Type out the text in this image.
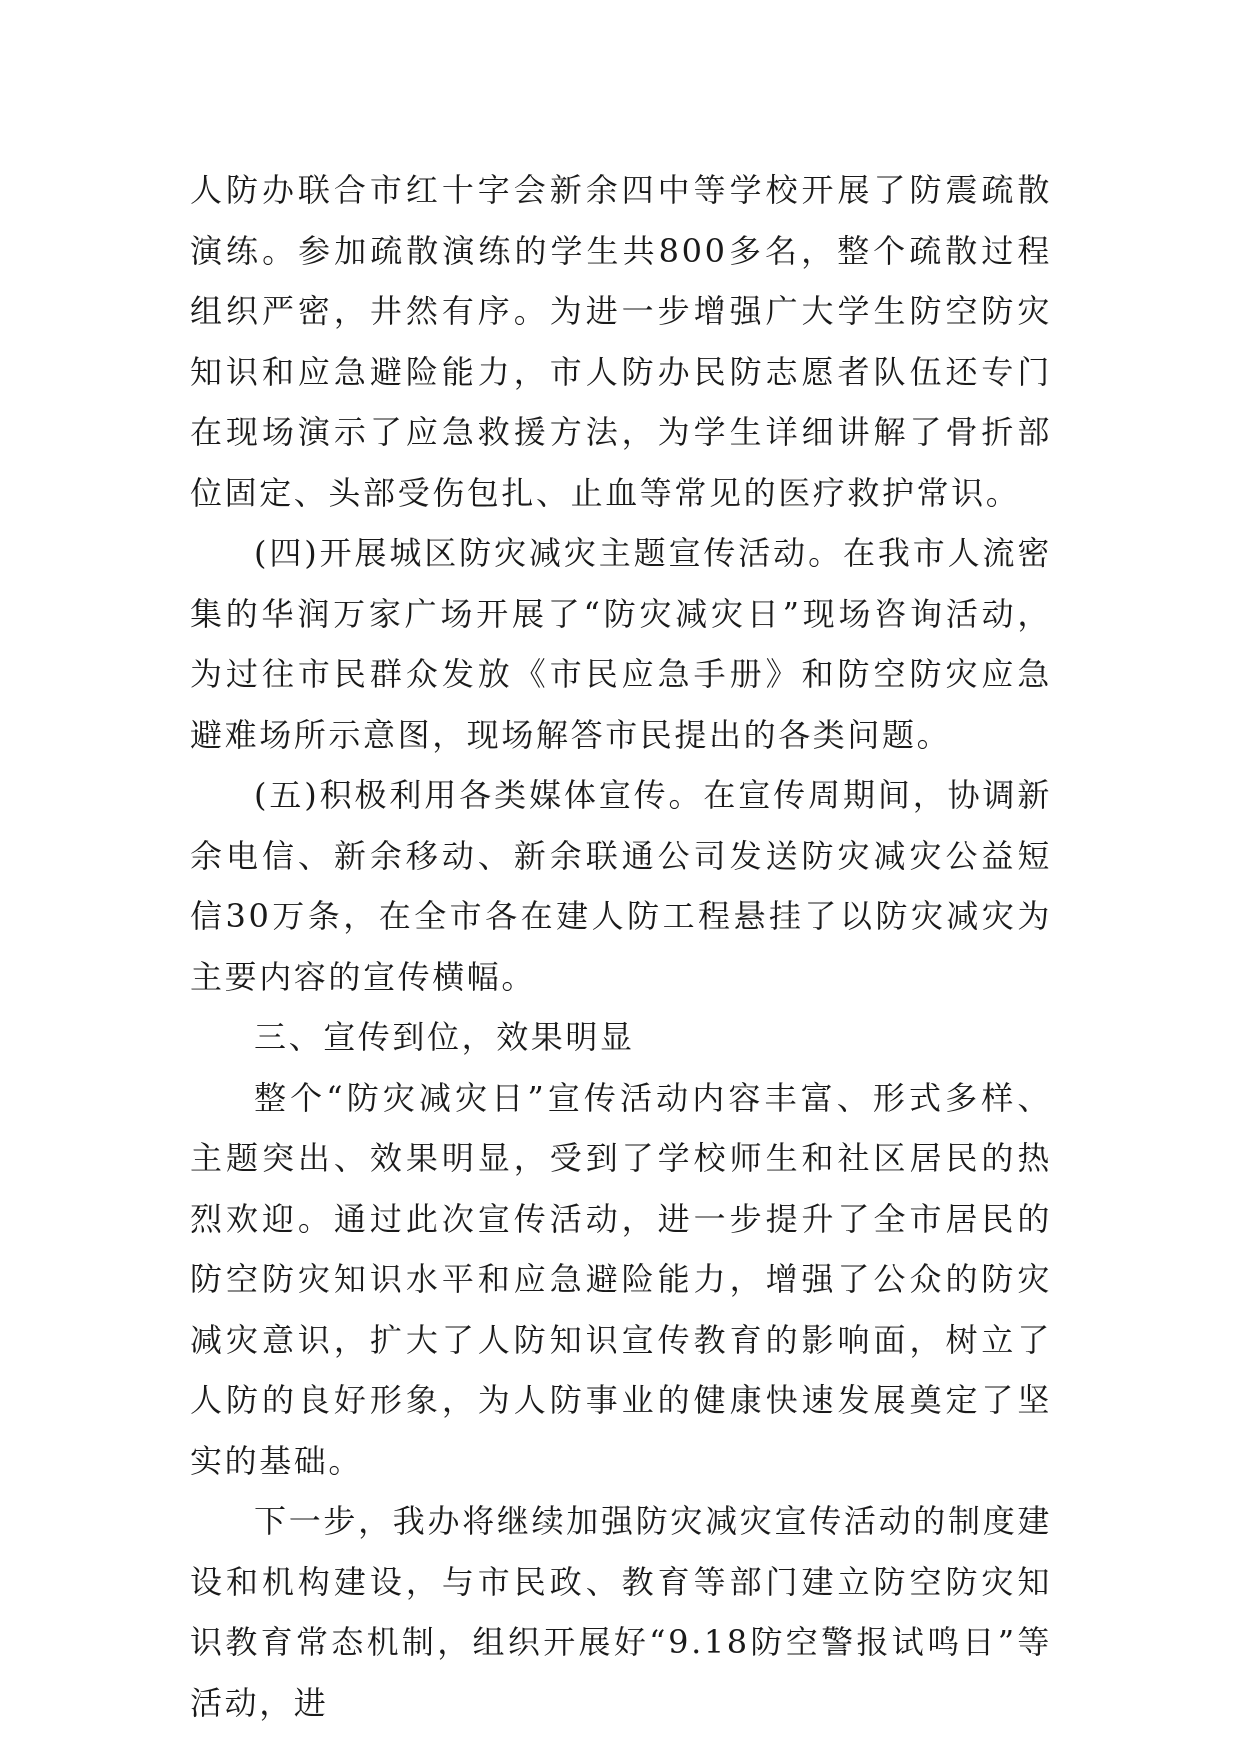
人防办联合市红十字会新余四中等学校开展了防震疏散演练。参加疏散演练的学生共800多名，整个疏散过程组织严密，井然有序。为进一步增强广大学生防空防灾知识和应急避险能力，市人防办民防志愿者队伍还专门在现场演示了应急救援方法，为学生详细讲解了骨折部位固定、头部受伤包扎、止血等常见的医疗救护常识。

(四)开展城区防灾减灾主题宣传活动。在我市人流密集的华润万家广场开展了“防灾减灾日”现场咨询活动，为过往市民群众发放《市民应急手册》和防空防灾应急避难场所示意图，现场解答市民提出的各类问题。

(五)积极利用各类媒体宣传。在宣传周期间，协调新余电信、新余移动、新余联通公司发送防灾减灾公益短信30万条，在全市各在建人防工程悬挂了以防灾减灾为主要内容的宣传横幅。

三、宣传到位，效果明显

整个“防灾减灾日”宣传活动内容丰富、形式多样、主题突出、效果明显，受到了学校师生和社区居民的热烈欢迎。通过此次宣传活动，进一步提升了全市居民的防空防灾知识水平和应急避险能力，增强了公众的防灾减灾意识，扩大了人防知识宣传教育的影响面，树立了人防的良好形象，为人防事业的健康快速发展奠定了坚实的基础。

下一步，我办将继续加强防灾减灾宣传活动的制度建设和机构建设，与市民政、教育等部门建立防空防灾知识教育常态机制，组织开展好“9.18防空警报试鸣日”等活动，进
